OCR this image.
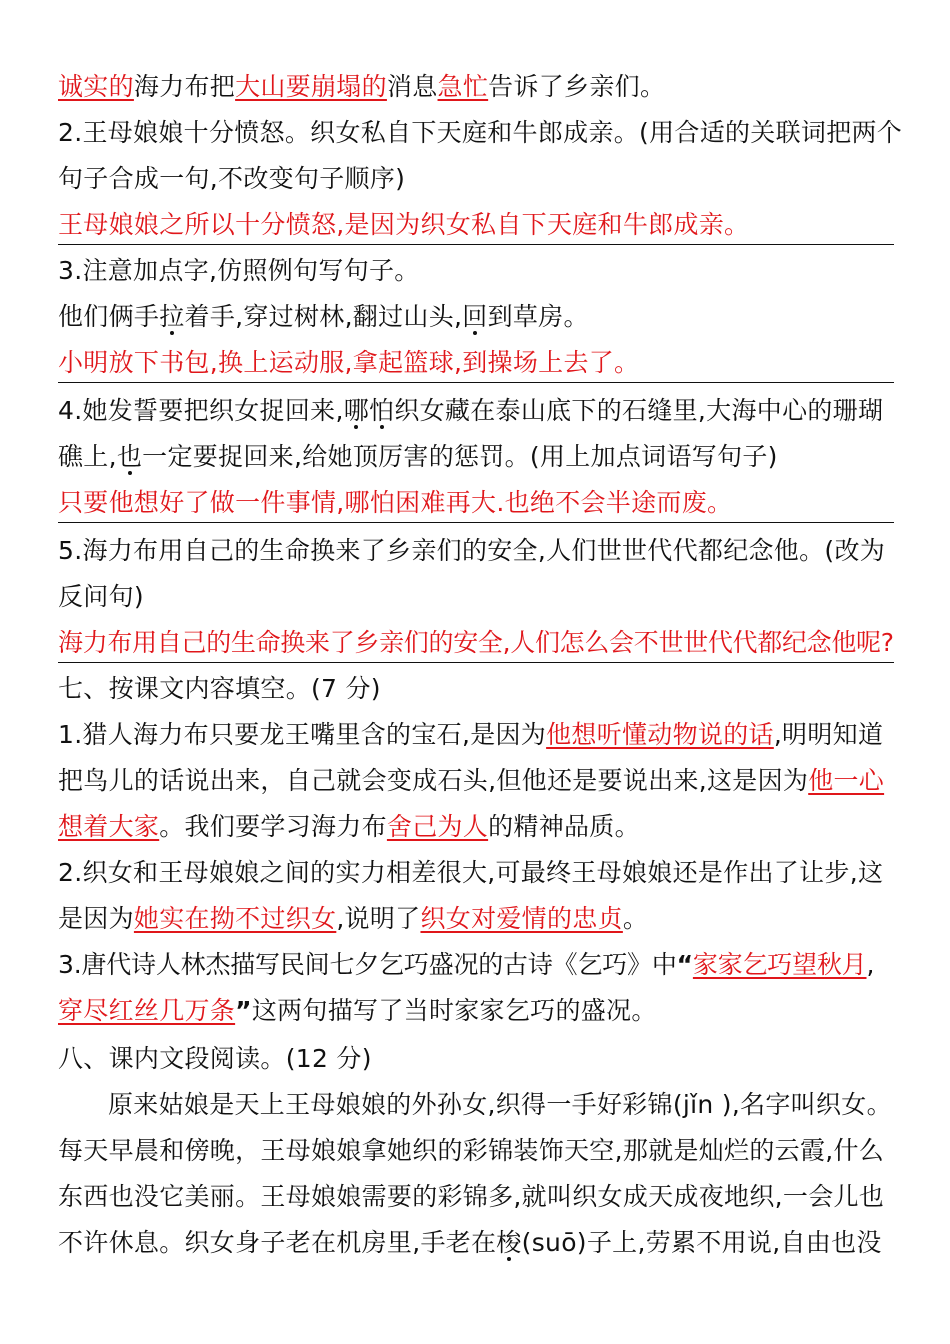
诚实的海力布把大山要崩塌的消息急忙告诉了乡亲们。
2.王母娘娘十分愤怒。织女私自下天庭和牛郎成亲。(用合适的关联词把两个
句子合成一句,不改变句子顺序)
王母娘娘之所以十分愤怒,是因为织女私自下天庭和牛郎成亲。
3.注意加点字,仿照例句写句子。
他们俩手拉着手,穿过树林,翻过山头,回到草房。
小明放下书包,换上运动服,拿起篮球,到操场上去了。
4.她发誓要把织女捉回来,哪怕织女藏在泰山底下的石缝里,大海中心的珊瑚
礁上,也一定要捉回来,给她顶厉害的惩罚。(用上加点词语写句子)
只要他想好了做一件事情,哪怕困难再大.也绝不会半途而废。
5.海力布用自己的生命换来了乡亲们的安全,人们世世代代都纪念他。(改为
反问句)
海力布用自己的生命换来了乡亲们的安全,人们怎么会不世世代代都纪念他呢?
七、按课文内容填空。(7 分)
1.猎人海力布只要龙王嘴里含的宝石,是因为他想听懂动物说的话,明明知道
把鸟儿的话说出来，自己就会变成石头,但他还是要说出来,这是因为他一心
想着大家。我们要学习海力布舍己为人的精神品质。
2.织女和王母娘娘之间的实力相差很大,可最终王母娘娘还是作出了让步,这
是因为她实在拗不过织女,说明了织女对爱情的忠贞。
3.唐代诗人林杰描写民间七夕乞巧盛况的古诗《乞巧》中“家家乞巧望秋月,
穿尽红丝几万条”这两句描写了当时家家乞巧的盛况。
八、课内文段阅读。(12 分)
原来姑娘是天上王母娘娘的外孙女,织得一手好彩锦(jǐn ),名字叫织女。
每天早晨和傍晚，王母娘娘拿她织的彩锦装饰天空,那就是灿烂的云霞,什么
东西也没它美丽。王母娘娘需要的彩锦多,就叫织女成天成夜地织,一会儿也
不许休息。织女身子老在机房里,手老在梭(suō)子上,劳累不用说,自由也没
